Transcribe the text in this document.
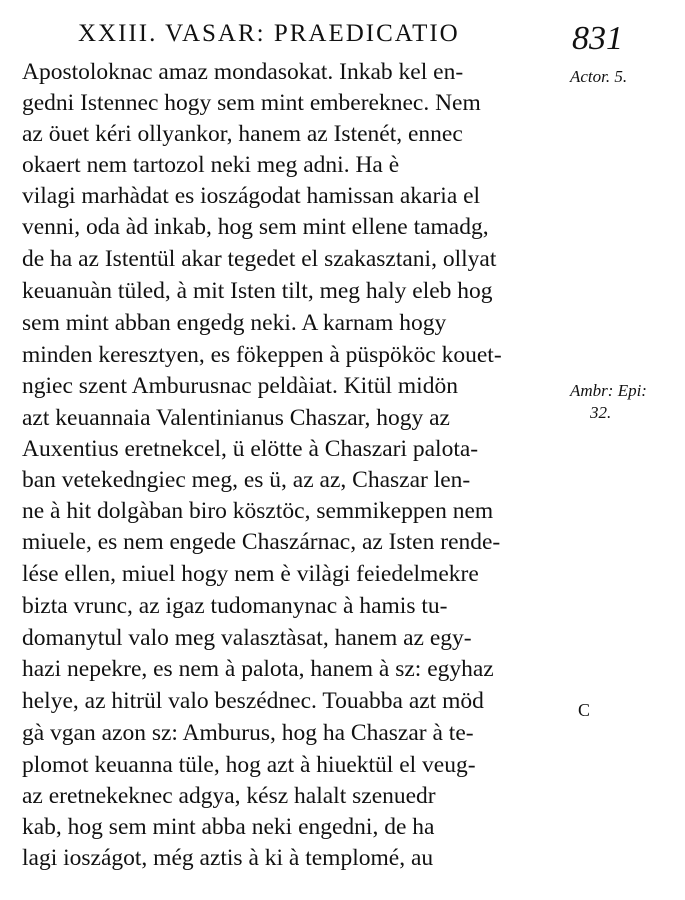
XXIII. VASAR: PRAEDICATIO	831
Apostoloknac amaz mondasokat. Inkab kel en-
gedni Istennec hogy sem mint embereknec. Nem
az öuet kéri ollyankor, hanem az Istenét, ennec
okaert nem tartozol neki meg adni. Ha è
vilagi marhàdat es ioszágodat hamissan akaria el
venni, oda àd inkab, hog sem mint ellene tamadg,
de ha az Istentül akar tegedet el szakasztani, ollyat
keuanuàn tüled, à mit Isten tilt, meg haly eleb hog
sem mint abban engedg neki. A karnam hogy
minden keresztyen, es fökeppen à püspököc kouet-
ngiec szent Amburusnac peldàiat. Kitül midön
azt keuannaia Valentinianus Chaszar, hogy az
Auxentius eretnekcel, ü elötte à Chaszari palota-
ban vetekedngiec meg, es ü, az az, Chaszar len-
ne à hit dolgàban biro kösztöc, semmikeppen nem
miuele, es nem engede Chaszárnac, az Isten rende-
lése ellen, miuel hogy nem è vilàgi feiedelmekre
bizta vrunc, az igaz tudomanynac à hamis tu-
domanytul valo meg valasztàsat, hanem az egy-
hazi nepekre, es nem à palota, hanem à sz: egyhaz
helye, az hitrül valo beszédnec. Touabba azt möd
gà vgan azon sz: Amburus, hog ha Chaszar à te-
plomot keuanna tüle, hog azt à hiuektül el veug-
az eretnekeknec adgya, kész halalt szenuedr
kab, hog sem mint abba neki engedni, de ha
lagi ioszágot, még aztis à ki à templomé, au
Actor. 5.
Ambr: Epi:
32.
C
